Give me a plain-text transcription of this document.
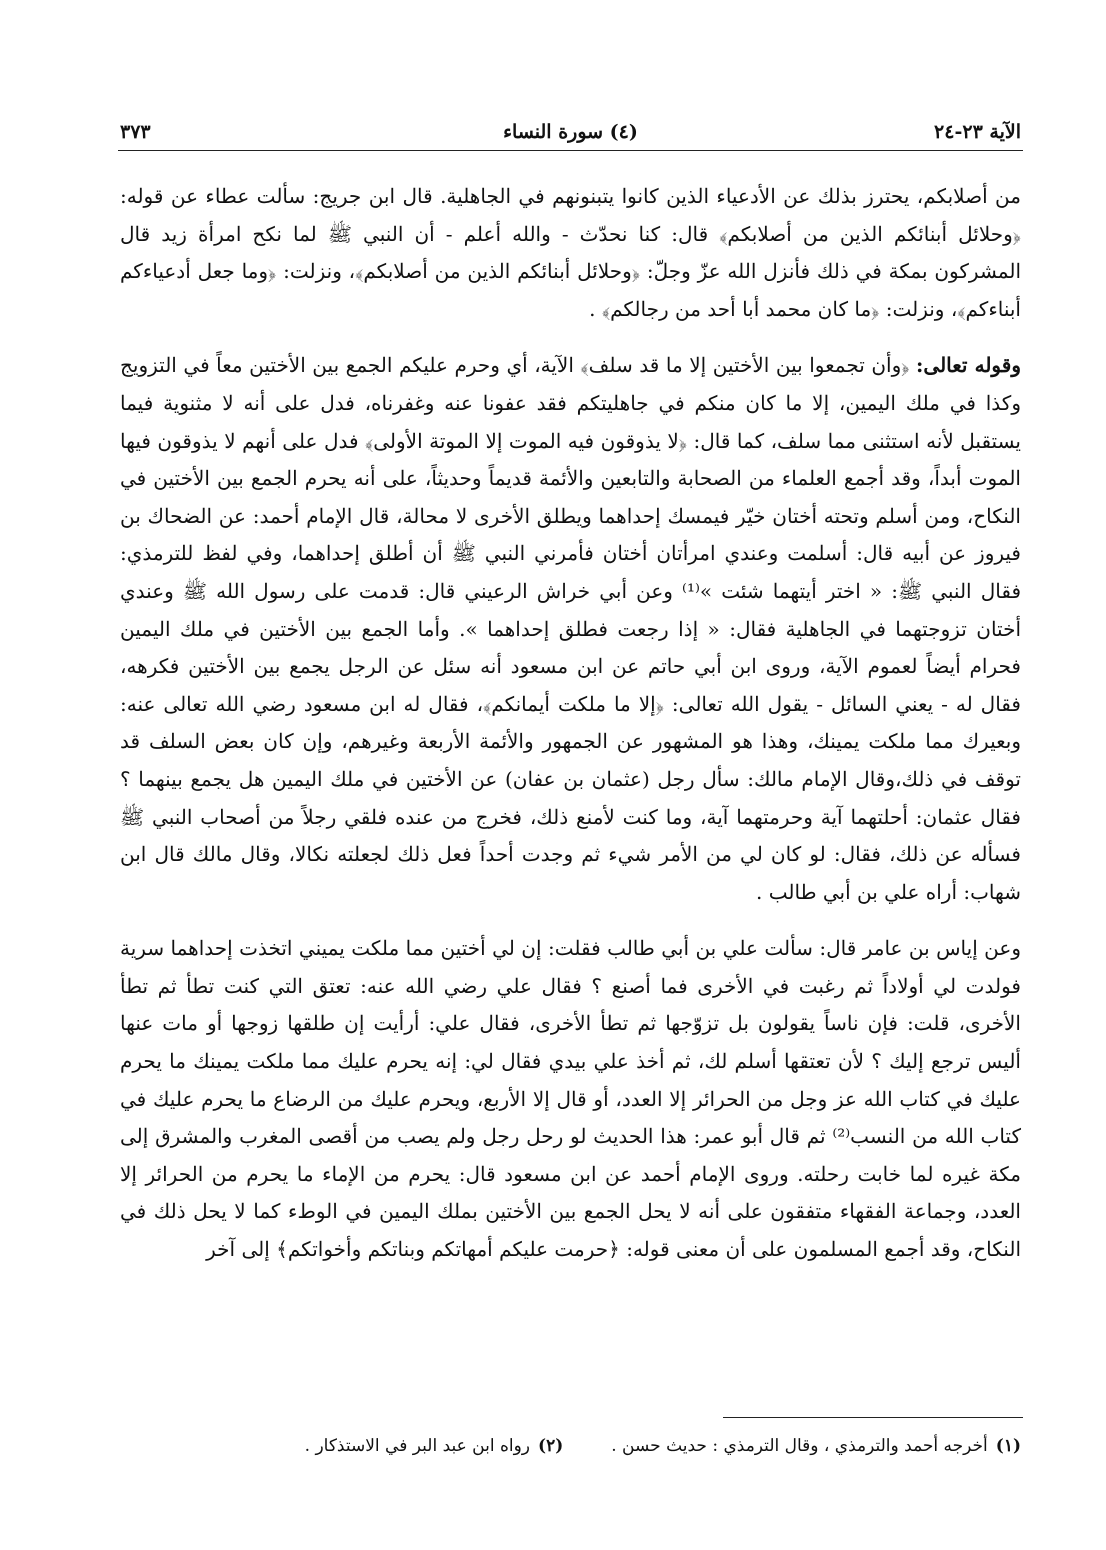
الآية ٢٣-٢٤
(٤) سورة النساء
٣٧٣

من أصلابكم، يحترز بذلك عن الأدعياء الذين كانوا يتبنونهم في الجاهلية. قال ابن جريج: سألت عطاء عن قوله: ﴿وحلائل أبنائكم الذين من أصلابكم﴾ قال: كنا نحدّث - والله أعلم - أن النبي ﷺ لما نكح امرأة زيد قال المشركون بمكة في ذلك فأنزل الله عزّ وجلّ: ﴿وحلائل أبنائكم الذين من أصلابكم﴾، ونزلت: ﴿وما جعل أدعياءكم أبناءكم﴾، ونزلت: ﴿ما كان محمد أبا أحد من رجالكم﴾ .

وقوله تعالى: ﴿وأن تجمعوا بين الأختين إلا ما قد سلف﴾ الآية، أي وحرم عليكم الجمع بين الأختين معاً في التزويج وكذا في ملك اليمين، إلا ما كان منكم في جاهليتكم فقد عفونا عنه وغفرناه، فدل على أنه لا مثنوية فيما يستقبل لأنه استثنى مما سلف، كما قال: ﴿لا يذوقون فيه الموت إلا الموتة الأولى﴾ فدل على أنهم لا يذوقون فيها الموت أبداً، وقد أجمع العلماء من الصحابة والتابعين والأئمة قديماً وحديثاً، على أنه يحرم الجمع بين الأختين في النكاح، ومن أسلم وتحته أختان خيّر فيمسك إحداهما ويطلق الأخرى لا محالة، قال الإمام أحمد: عن الضحاك بن فيروز عن أبيه قال: أسلمت وعندي امرأتان أختان فأمرني النبي ﷺ أن أطلق إحداهما، وفي لفظ للترمذي: فقال النبي ﷺ: « اختر أيتهما شئت »⁽¹⁾ وعن أبي خراش الرعيني قال: قدمت على رسول الله ﷺ وعندي أختان تزوجتهما في الجاهلية فقال: « إذا رجعت فطلق إحداهما ». وأما الجمع بين الأختين في ملك اليمين فحرام أيضاً لعموم الآية، وروى ابن أبي حاتم عن ابن مسعود أنه سئل عن الرجل يجمع بين الأختين فكرهه، فقال له - يعني السائل - يقول الله تعالى: ﴿إلا ما ملكت أيمانكم﴾، فقال له ابن مسعود رضي الله تعالى عنه: وبعيرك مما ملكت يمينك، وهذا هو المشهور عن الجمهور والأئمة الأربعة وغيرهم، وإن كان بعض السلف قد توقف في ذلك،وقال الإمام مالك: سأل رجل (عثمان بن عفان) عن الأختين في ملك اليمين هل يجمع بينهما ؟ فقال عثمان: أحلتهما آية وحرمتهما آية، وما كنت لأمنع ذلك، فخرج من عنده فلقي رجلاً من أصحاب النبي ﷺ فسأله عن ذلك، فقال: لو كان لي من الأمر شيء ثم وجدت أحداً فعل ذلك لجعلته نكالا، وقال مالك قال ابن شهاب: أراه علي بن أبي طالب .

وعن إياس بن عامر قال: سألت علي بن أبي طالب فقلت: إن لي أختين مما ملكت يميني اتخذت إحداهما سرية فولدت لي أولاداً ثم رغبت في الأخرى فما أصنع ؟ فقال علي رضي الله عنه: تعتق التي كنت تطأ ثم تطأ الأخرى، قلت: فإن ناساً يقولون بل تزوّجها ثم تطأ الأخرى، فقال علي: أرأيت إن طلقها زوجها أو مات عنها أليس ترجع إليك ؟ لأن تعتقها أسلم لك، ثم أخذ علي بيدي فقال لي: إنه يحرم عليك مما ملكت يمينك ما يحرم عليك في كتاب الله عز وجل من الحرائر إلا العدد، أو قال إلا الأربع، ويحرم عليك من الرضاع ما يحرم عليك في كتاب الله من النسب⁽²⁾ ثم قال أبو عمر: هذا الحديث لو رحل رجل ولم يصب من أقصى المغرب والمشرق إلى مكة غيره لما خابت رحلته. وروى الإمام أحمد عن ابن مسعود قال: يحرم من الإماء ما يحرم من الحرائر إلا العدد، وجماعة الفقهاء متفقون على أنه لا يحل الجمع بين الأختين بملك اليمين في الوطء كما لا يحل ذلك في النكاح، وقد أجمع المسلمون على أن معنى قوله: ﴿حرمت عليكم أمهاتكم وبناتكم وأخواتكم﴾ إلى آخر

(١)
أخرجه أحمد والترمذي ، وقال الترمذي : حديث حسن .
(٢)
رواه ابن عبد البر في الاستذكار .
